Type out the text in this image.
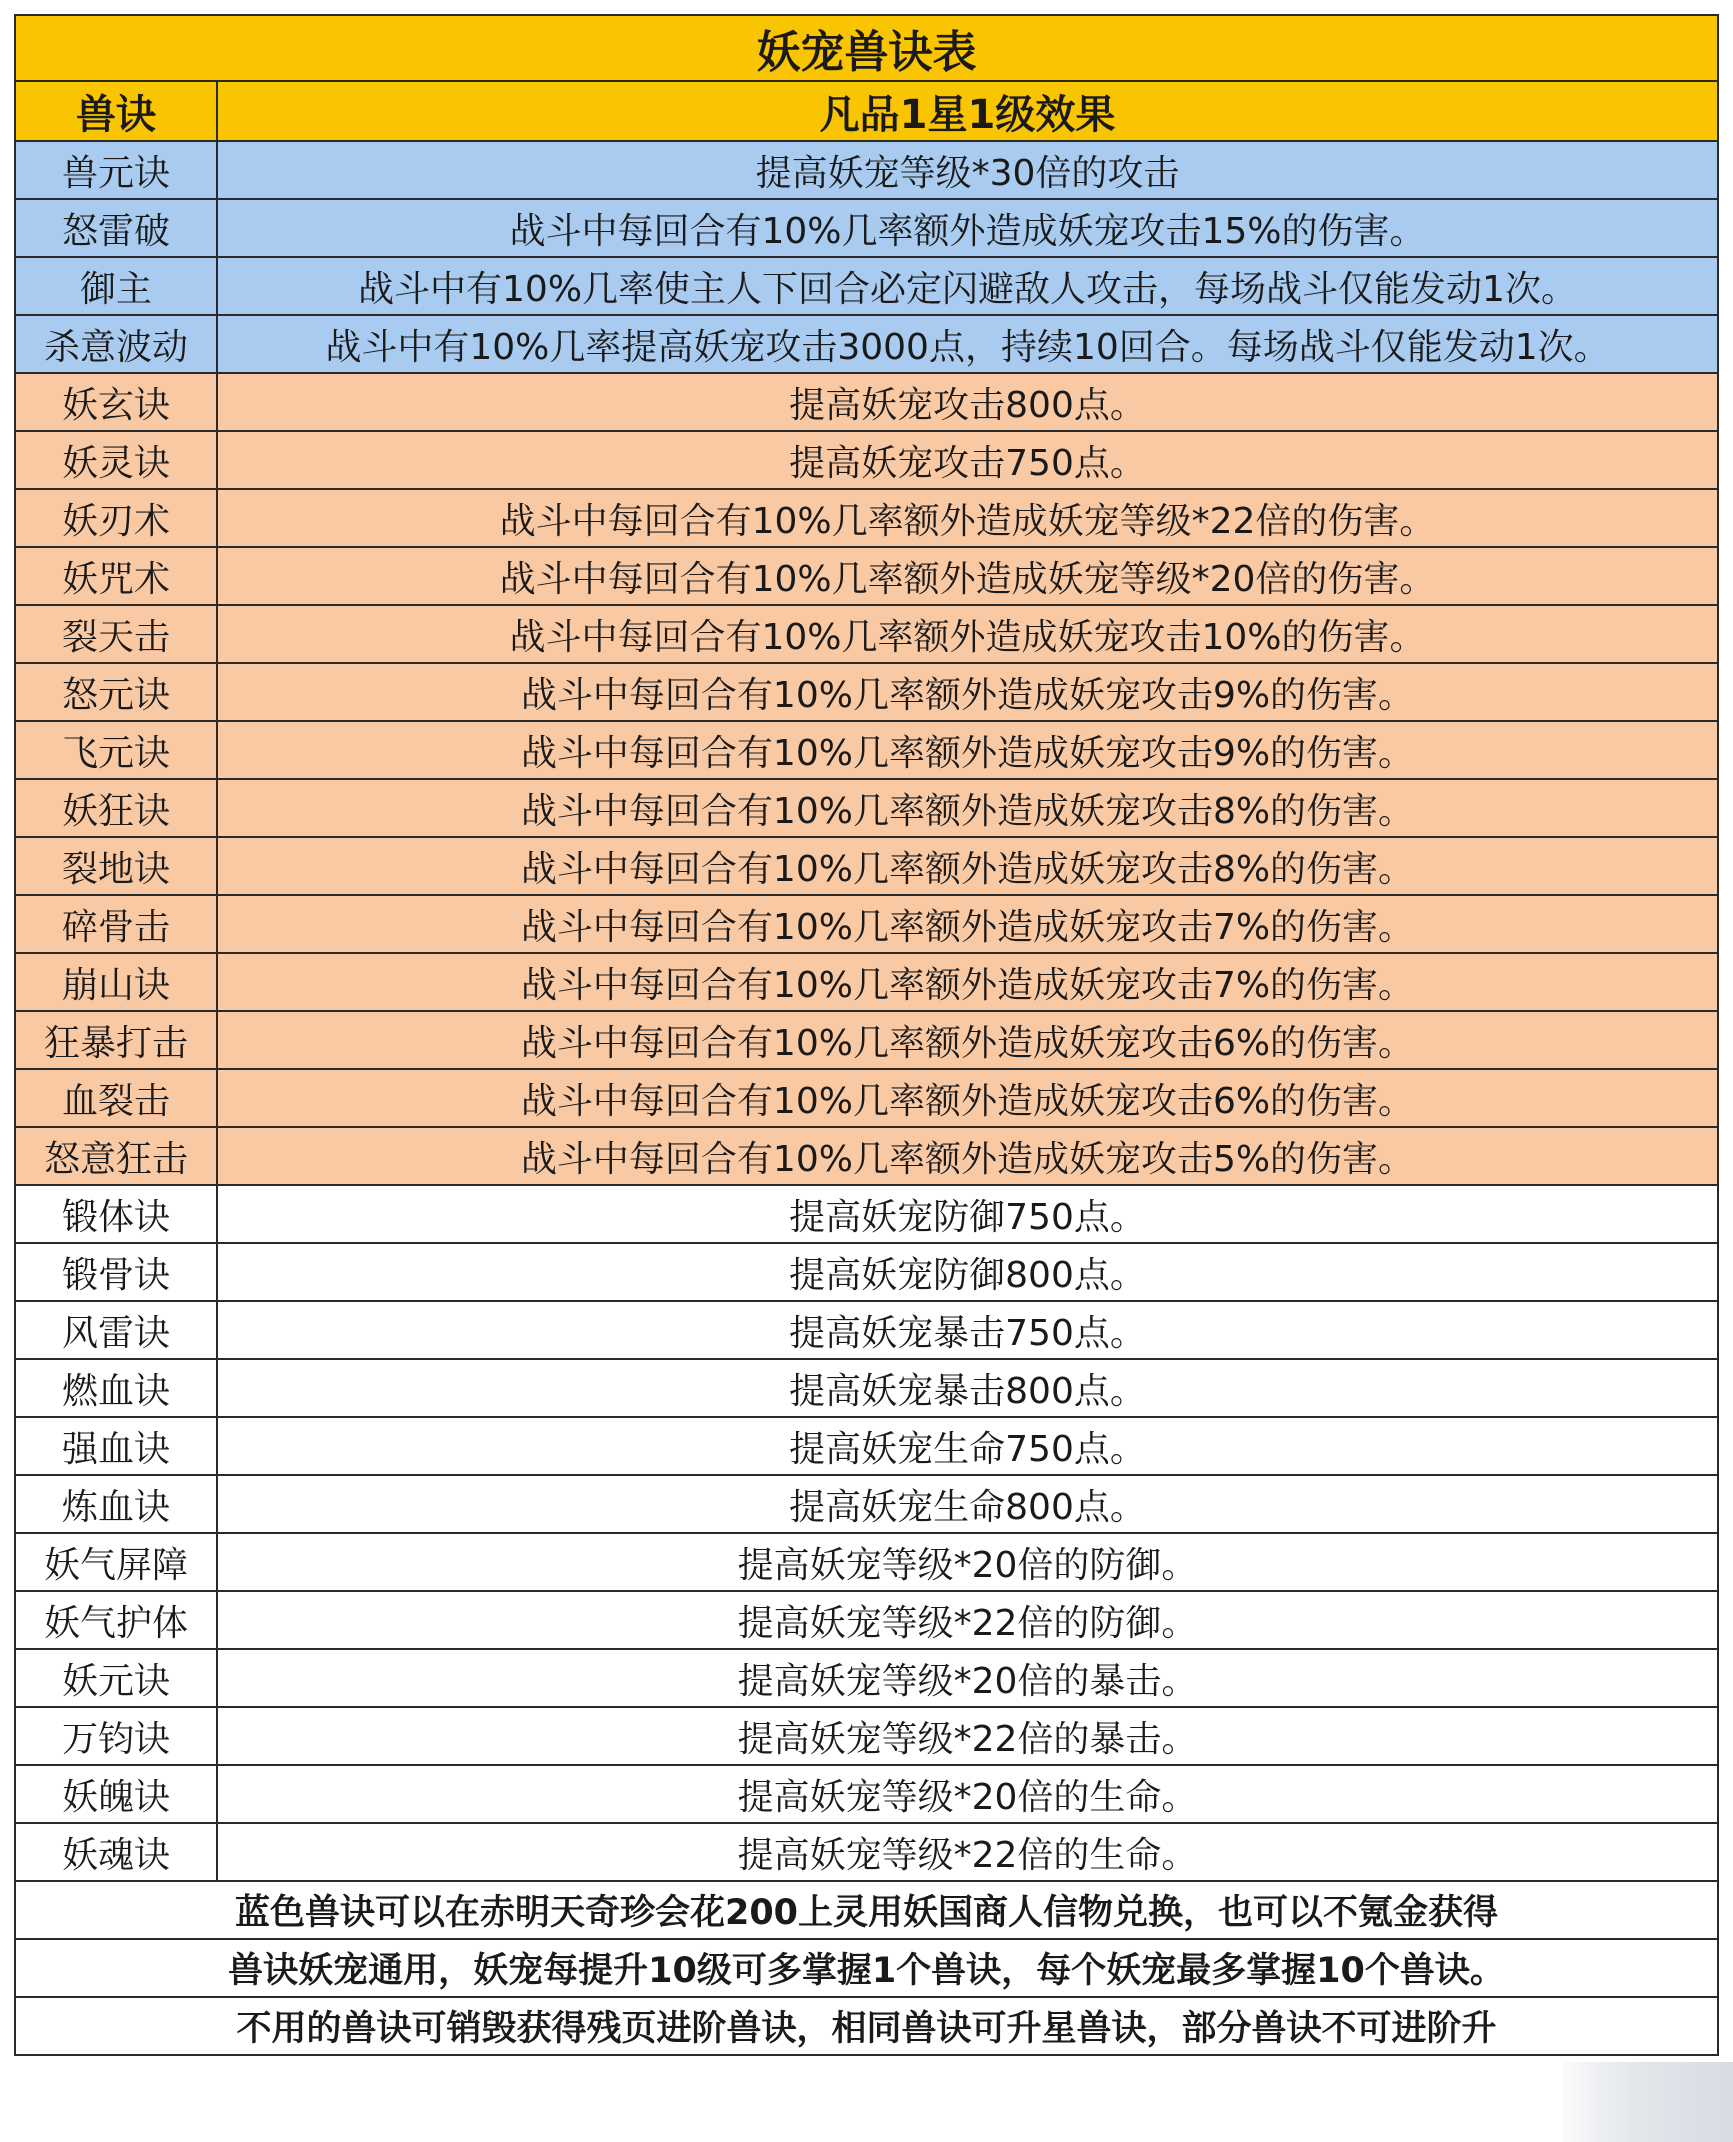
妖宠兽诀表	
兽诀	凡品1星1级效果
兽元诀	提高妖宠等级*30倍的攻击
怒雷破	战斗中每回合有10%几率额外造成妖宠攻击15%的伤害。
御主	战斗中有10%几率使主人下回合必定闪避敌人攻击，每场战斗仅能发动1次。
杀意波动	战斗中有10%几率提高妖宠攻击3000点，持续10回合。每场战斗仅能发动1次。
妖玄诀	提高妖宠攻击800点。
妖灵诀	提高妖宠攻击750点。
妖刃术	战斗中每回合有10%几率额外造成妖宠等级*22倍的伤害。
妖咒术	战斗中每回合有10%几率额外造成妖宠等级*20倍的伤害。
裂天击	战斗中每回合有10%几率额外造成妖宠攻击10%的伤害。
怒元诀	战斗中每回合有10%几率额外造成妖宠攻击9%的伤害。
飞元诀	战斗中每回合有10%几率额外造成妖宠攻击9%的伤害。
妖狂诀	战斗中每回合有10%几率额外造成妖宠攻击8%的伤害。
裂地诀	战斗中每回合有10%几率额外造成妖宠攻击8%的伤害。
碎骨击	战斗中每回合有10%几率额外造成妖宠攻击7%的伤害。
崩山诀	战斗中每回合有10%几率额外造成妖宠攻击7%的伤害。
狂暴打击	战斗中每回合有10%几率额外造成妖宠攻击6%的伤害。
血裂击	战斗中每回合有10%几率额外造成妖宠攻击6%的伤害。
怒意狂击	战斗中每回合有10%几率额外造成妖宠攻击5%的伤害。
锻体诀	提高妖宠防御750点。
锻骨诀	提高妖宠防御800点。
风雷诀	提高妖宠暴击750点。
燃血诀	提高妖宠暴击800点。
强血诀	提高妖宠生命750点。
炼血诀	提高妖宠生命800点。
妖气屏障	提高妖宠等级*20倍的防御。
妖气护体	提高妖宠等级*22倍的防御。
妖元诀	提高妖宠等级*20倍的暴击。
万钧诀	提高妖宠等级*22倍的暴击。
妖魄诀	提高妖宠等级*20倍的生命。
妖魂诀	提高妖宠等级*22倍的生命。
蓝色兽诀可以在赤明天奇珍会花200上灵用妖国商人信物兑换，也可以不氪金获得	
兽诀妖宠通用，妖宠每提升10级可多掌握1个兽诀，每个妖宠最多掌握10个兽诀。	
不用的兽诀可销毁获得残页进阶兽诀，相同兽诀可升星兽诀，部分兽诀不可进阶升	
